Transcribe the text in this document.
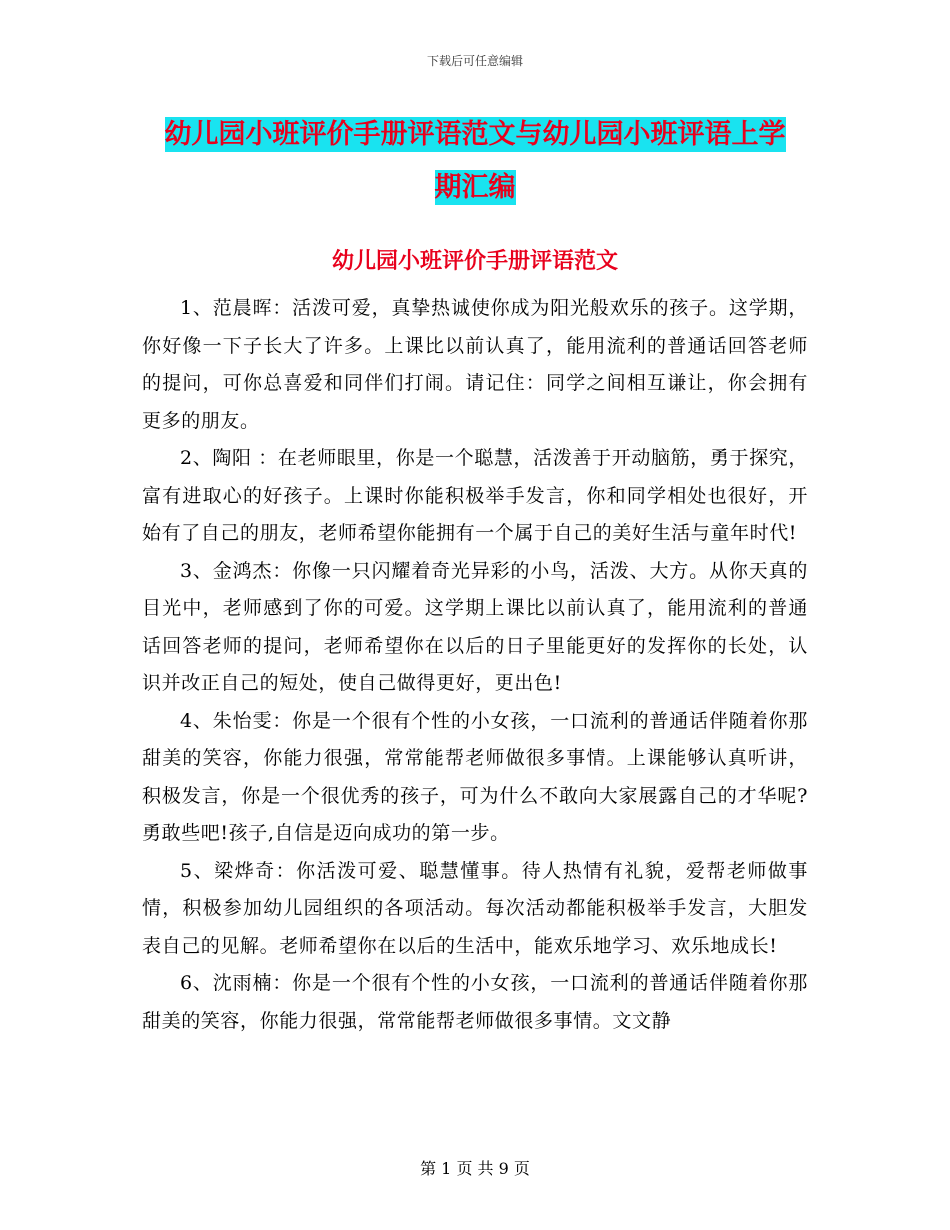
下载后可任意编辑
幼儿园小班评价手册评语范文与幼儿园小班评语上学
期汇编
幼儿园小班评价手册评语范文

1、范晨晖：活泼可爱，真挚热诚使你成为阳光般欢乐的孩子。这学期，你好像一下子长大了许多。上课比以前认真了，能用流利的普通话回答老师的提问，可你总喜爱和同伴们打闹。请记住：同学之间相互谦让，你会拥有更多的朋友。

2、陶阳 ：在老师眼里，你是一个聪慧，活泼善于开动脑筋，勇于探究，富有进取心的好孩子。上课时你能积极举手发言，你和同学相处也很好，开始有了自己的朋友，老师希望你能拥有一个属于自己的美好生活与童年时代!

3、金鸿杰：你像一只闪耀着奇光异彩的小鸟，活泼、大方。从你天真的目光中，老师感到了你的可爱。这学期上课比以前认真了，能用流利的普通话回答老师的提问，老师希望你在以后的日子里能更好的发挥你的长处，认识并改正自己的短处，使自己做得更好，更出色!

4、朱怡雯：你是一个很有个性的小女孩，一口流利的普通话伴随着你那甜美的笑容，你能力很强，常常能帮老师做很多事情。上课能够认真听讲，积极发言，你是一个很优秀的孩子，可为什么不敢向大家展露自己的才华呢?勇敢些吧!孩子,自信是迈向成功的第一步。

5、梁烨奇：你活泼可爱、聪慧懂事。待人热情有礼貌，爱帮老师做事情，积极参加幼儿园组织的各项活动。每次活动都能积极举手发言，大胆发表自己的见解。老师希望你在以后的生活中，能欢乐地学习、欢乐地成长!

6、沈雨楠：你是一个很有个性的小女孩，一口流利的普通话伴随着你那甜美的笑容，你能力很强，常常能帮老师做很多事情。文文静

第 1 页 共 9 页
